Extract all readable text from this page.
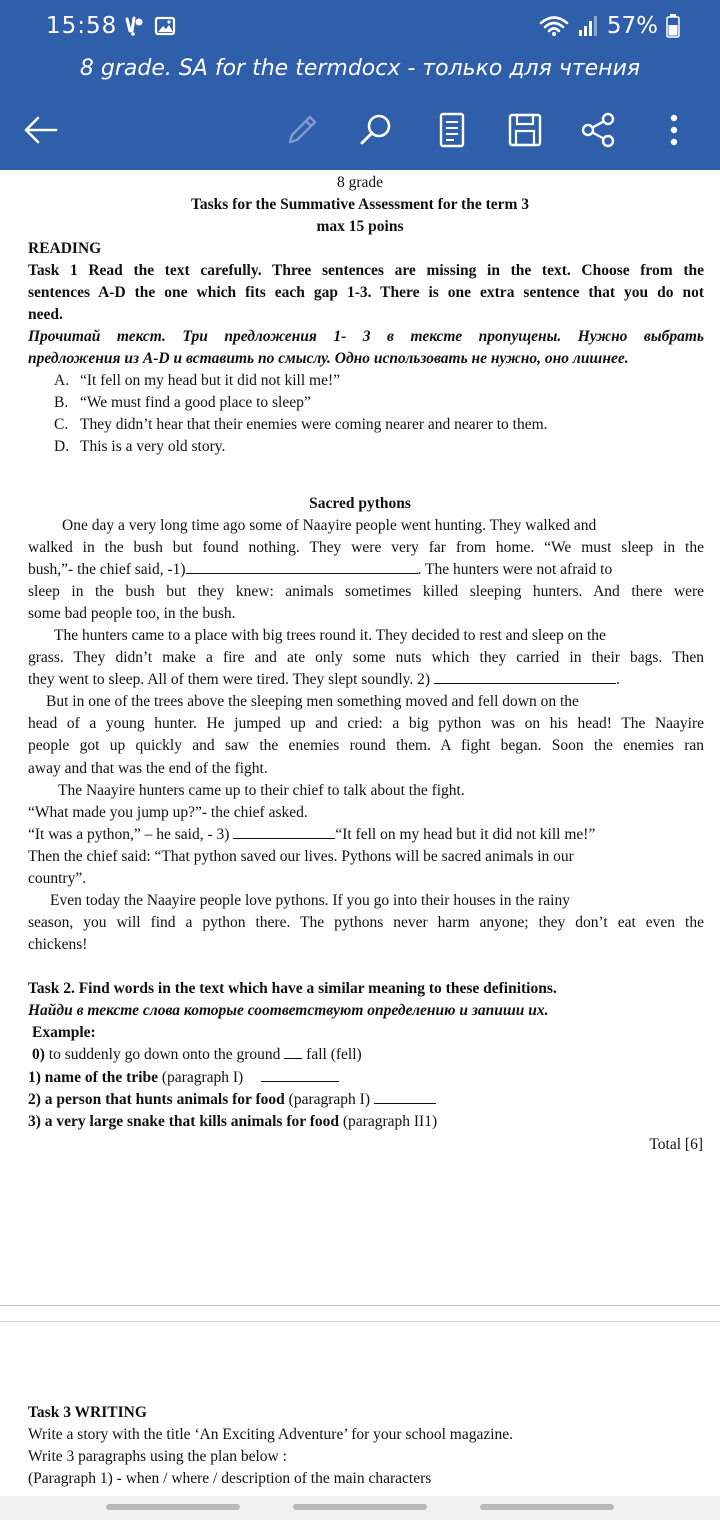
15:58	57%
8 grade. SA for the termdocx - только для чтения
8 grade
Tasks for the Summative Assessment for the term 3
max 15 poins
READING
Task 1 Read the text carefully. Three sentences are missing in the text. Choose from the
sentences A-D the one which fits each gap 1-3. There is one extra sentence that you do not
need.
Прочитай текст. Три предложения 1- 3 в тексте пропущены. Нужно выбрать
предложения из A-D и вставить по смыслу. Одно использовать не нужно, оно лишнее.
A. “It fell on my head but it did not kill me!”
B. “We must find a good place to sleep”
C. They didn’t hear that their enemies were coming nearer and nearer to them.
D. This is a very old story.
Sacred pythons
One day a very long time ago some of Naayire people went hunting. They walked and
walked in the bush but found nothing. They were very far from home. “We must sleep in the
bush,”- the chief said, -1)	. The hunters were not afraid to
sleep in the bush but they knew: animals sometimes killed sleeping hunters. And there were
some bad people too, in the bush.
The hunters came to a place with big trees round it. They decided to rest and sleep on the
grass. They didn’t make a fire and ate only some nuts which they carried in their bags. Then
they went to sleep. All of them were tired. They slept soundly. 2)	.
But in one of the trees above the sleeping men something moved and fell down on the
head of a young hunter. He jumped up and cried: a big python was on his head! The Naayire
people got up quickly and saw the enemies round them. A fight began. Soon the enemies ran
away and that was the end of the fight.
The Naayire hunters came up to their chief to talk about the fight.
“What made you jump up?”- the chief asked.
“It was a python,” – he said, - 3)	“It fell on my head but it did not kill me!”
Then the chief said: “That python saved our lives. Pythons will be sacred animals in our
country”.
Even today the Naayire people love pythons. If you go into their houses in the rainy
season, you will find a python there. The pythons never harm anyone; they don’t eat even the
chickens!
Task 2. Find words in the text which have a similar meaning to these definitions.
Найди в тексте слова которые соответствуют определению и запиши их.
Example:
0) to suddenly go down onto the ground fall (fell)
1) name of the tribe (paragraph I)
2) a person that hunts animals for food (paragraph I)
3) a very large snake that kills animals for food (paragraph II1)
Total [6]
Task 3 WRITING
Write a story with the title ‘An Exciting Adventure’ for your school magazine.
Write 3 paragraphs using the plan below :
(Paragraph 1) - when / where / description of the main characters
